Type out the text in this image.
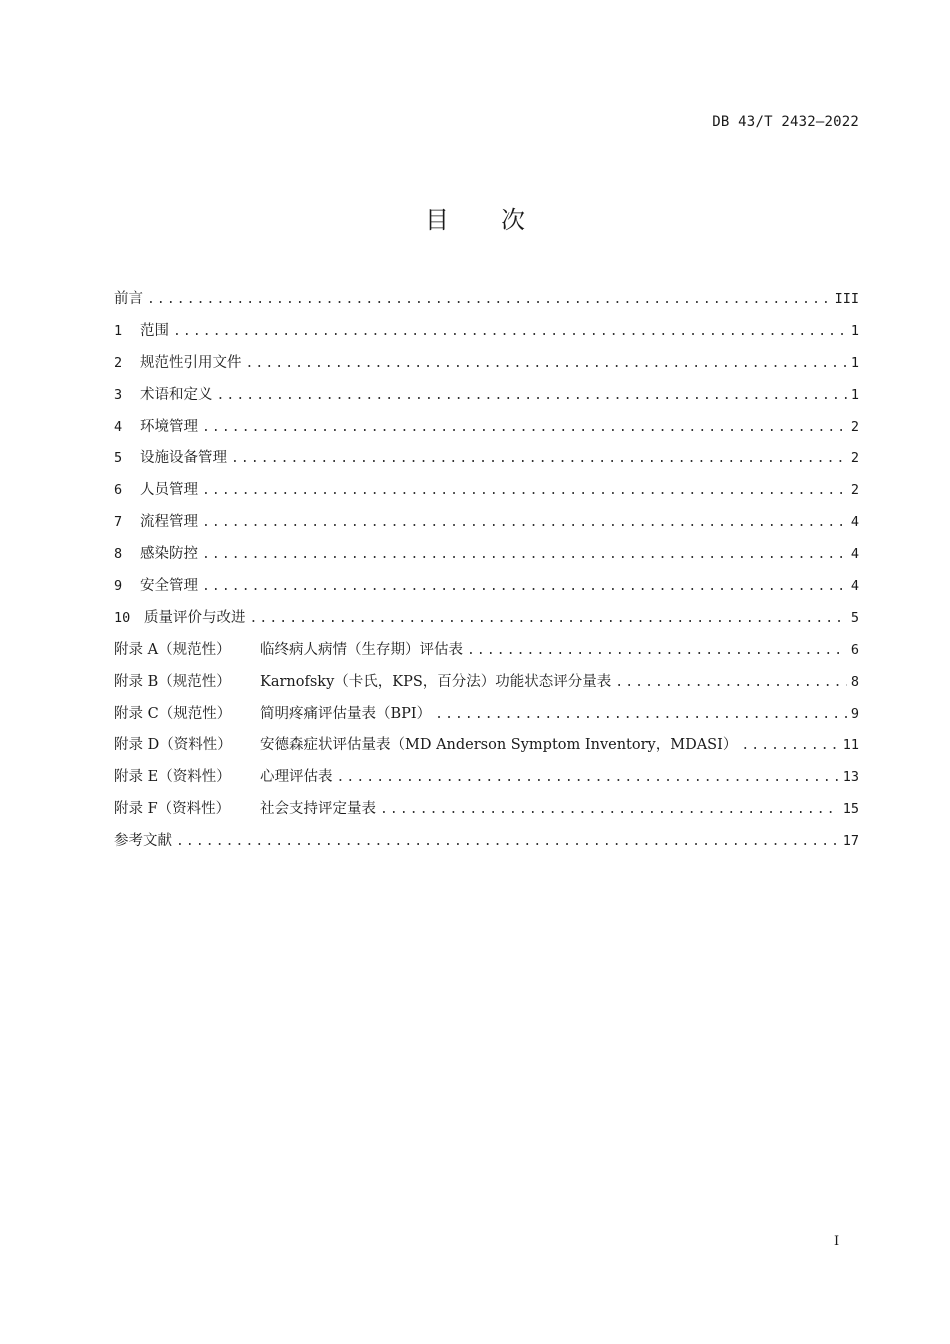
DB 43/T 2432—2022
目 次
前言 .....	III
1	范围 .....	1
2	规范性引用文件 .....	1
3	术语和定义 .....	1
4	环境管理 .....	2
5	设施设备管理 .....	2
6	人员管理 .....	2
7	流程管理 .....	4
8	感染防控 .....	4
9	安全管理 .....	4
10 质量评价与改进 .....	5
附录 A（规范性）	临终病人病情（生存期）评估表 .....	6
附录 B（规范性）	Karnofsky（卡氏，KPS，百分法）功能状态评分量表 .....	8
附录 C（规范性）	简明疼痛评估量表（BPI） .....	9
附录 D（资料性）	安德森症状评估量表（MD Anderson Symptom Inventory，MDASI） .....	11
附录 E（资料性）	心理评估表 .....	13
附录 F（资料性）	社会支持评定量表 .....	15
参考文献 .....	17
I
